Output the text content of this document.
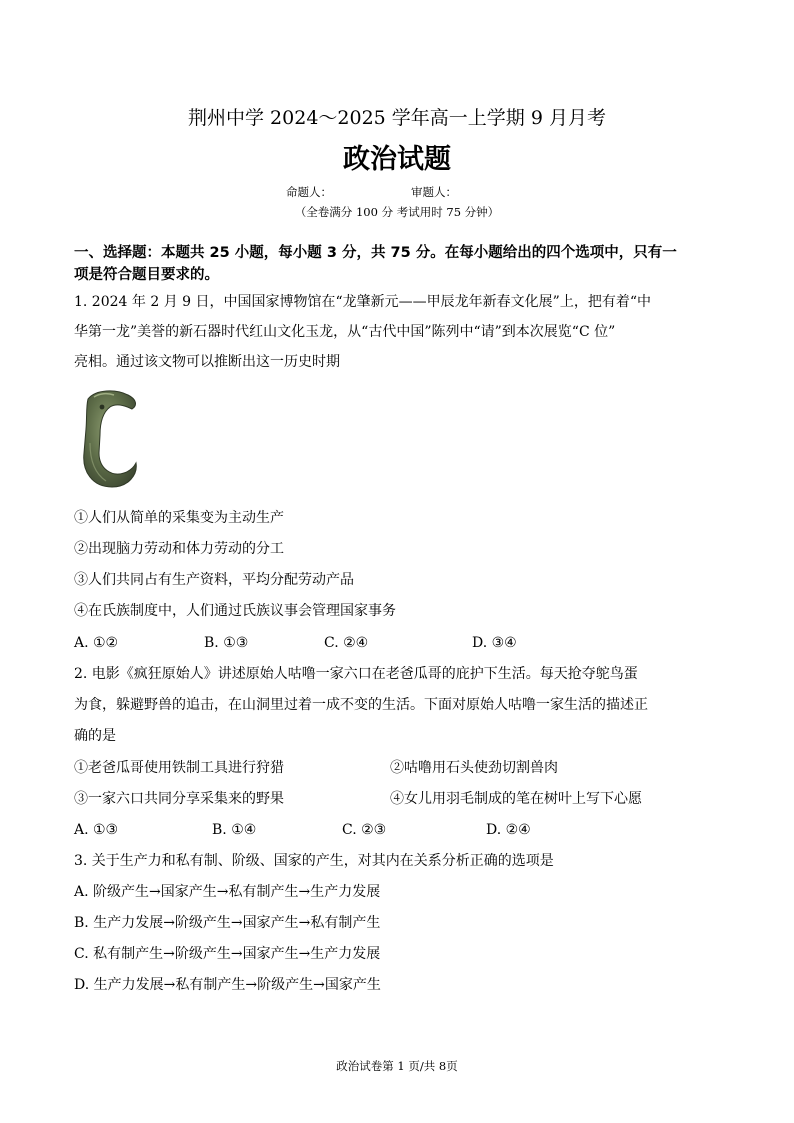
荆州中学 2024～2025 学年高一上学期 9 月月考
政治试题
命题人：	审题人：
（全卷满分 100 分 考试用时 75 分钟）
一、选择题：本题共 25 小题，每小题 3 分，共 75 分。在每小题给出的四个选项中，只有一
项是符合题目要求的。
1. 2024 年 2 月 9 日，中国国家博物馆在“龙肇新元——甲辰龙年新春文化展”上，把有着“中
华第一龙”美誉的新石器时代红山文化玉龙，从“古代中国”陈列中“请”到本次展览“C 位”
亮相。通过该文物可以推断出这一历史时期
①人们从简单的采集变为主动生产
②出现脑力劳动和体力劳动的分工
③人们共同占有生产资料，平均分配劳动产品
④在氏族制度中，人们通过氏族议事会管理国家事务
A. ①②	B. ①③	C. ②④	D. ③④
2. 电影《疯狂原始人》讲述原始人咕噜一家六口在老爸瓜哥的庇护下生活。每天抢夺鸵鸟蛋
为食，躲避野兽的追击，在山洞里过着一成不变的生活。下面对原始人咕噜一家生活的描述正
确的是
①老爸瓜哥使用铁制工具进行狩猎	②咕噜用石头使劲切割兽肉
③一家六口共同分享采集来的野果	④女儿用羽毛制成的笔在树叶上写下心愿
A. ①③	B. ①④	C. ②③	D. ②④
3. 关于生产力和私有制、阶级、国家的产生，对其内在关系分析正确的选项是
A. 阶级产生→国家产生→私有制产生→生产力发展
B. 生产力发展→阶级产生→国家产生→私有制产生
C. 私有制产生→阶级产生→国家产生→生产力发展
D. 生产力发展→私有制产生→阶级产生→国家产生
政治试卷第 1 页/共 8页
